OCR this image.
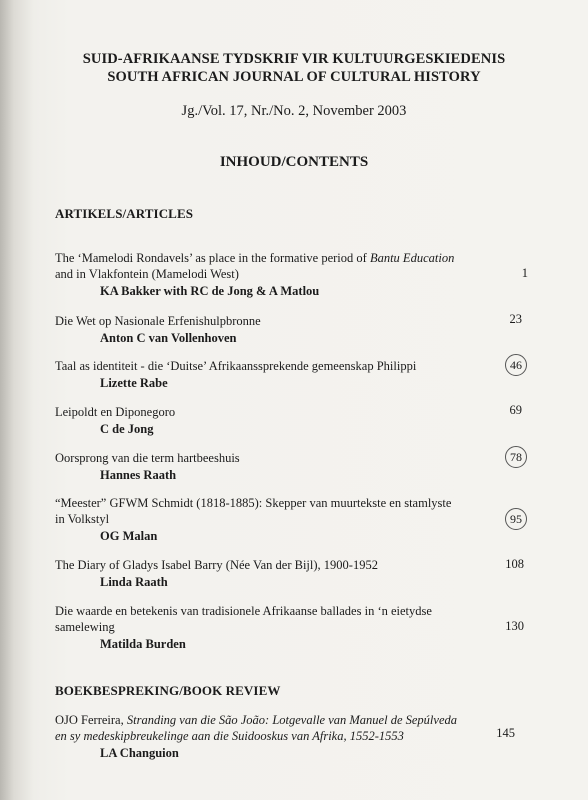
SUID-AFRIKAANSE TYDSKRIF VIR KULTUURGESKIEDENIS
SOUTH AFRICAN JOURNAL OF CULTURAL HISTORY
Jg./Vol. 17, Nr./No. 2, November 2003
INHOUD/CONTENTS
ARTIKELS/ARTICLES
The ‘Mamelodi Rondavels’ as place in the formative period of Bantu Education
and in Vlakfontein (Mamelodi West)
KA Bakker with RC de Jong & A Matlou
1
Die Wet op Nasionale Erfenishulpbronne
Anton C van Vollenhoven
23
Taal as identiteit - die ‘Duitse’ Afrikaanssprekende gemeenskap Philippi
Lizette Rabe
46
Leipoldt en Diponegoro
C de Jong
69
Oorsprong van die term hartbeeshuis
Hannes Raath
78
“Meester” GFWM Schmidt (1818-1885): Skepper van muurtekste en stamlyste
in Volkstyl
OG Malan
95
The Diary of Gladys Isabel Barry (Née Van der Bijl), 1900-1952
Linda Raath
108
Die waarde en betekenis van tradisionele Afrikaanse ballades in ‘n eietydse
samelewing
Matilda Burden
130
BOEKBESPREKING/BOOK REVIEW
OJO Ferreira, Stranding van die São João: Lotgevalle van Manuel de Sepúlveda
en sy medeskipbreukelinge aan die Suidooskus van Afrika, 1552-1553
LA Changuion
145
